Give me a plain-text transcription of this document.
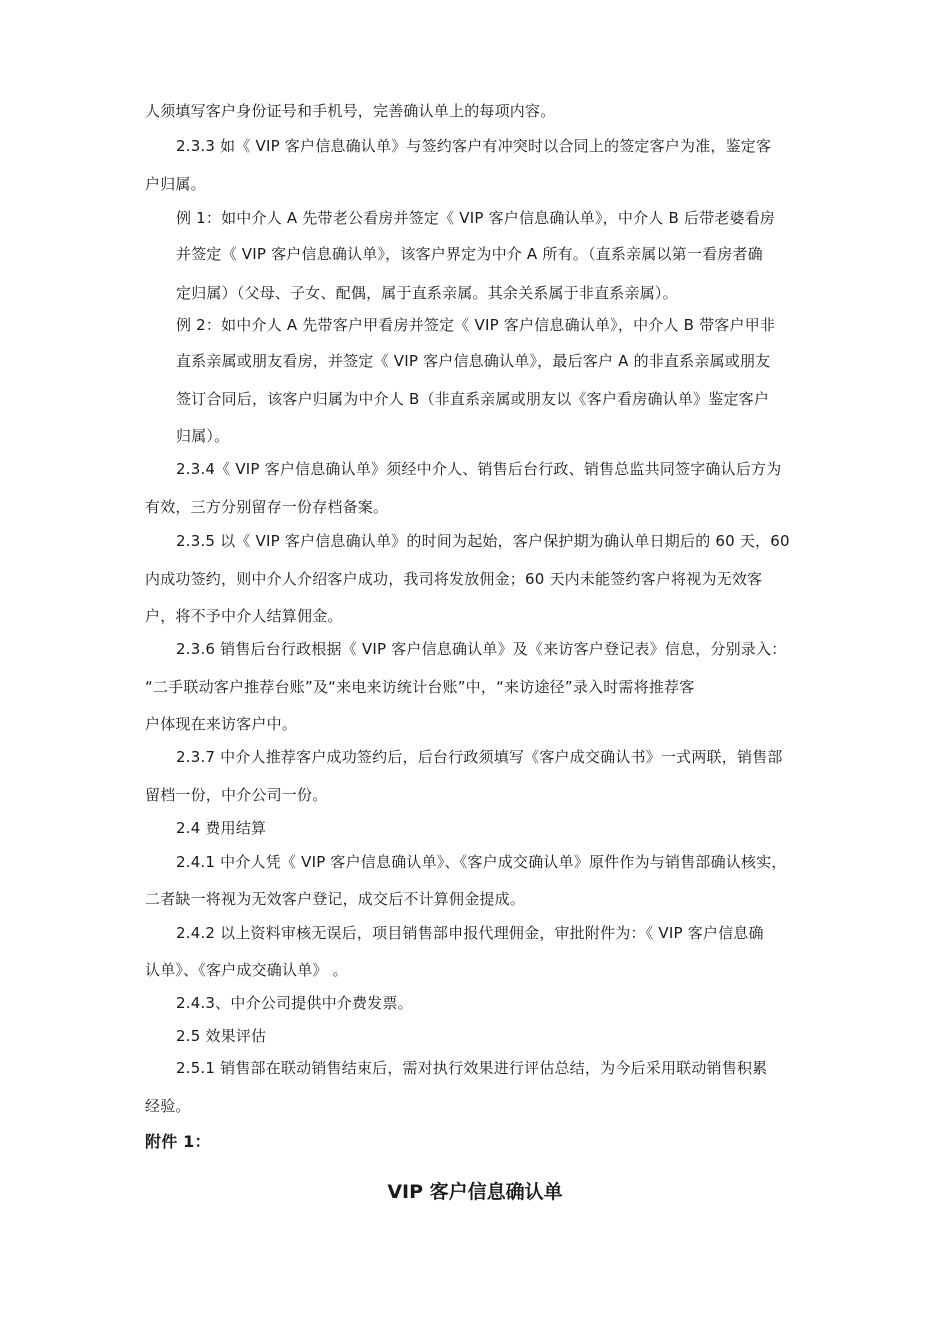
人须填写客户身份证号和手机号，完善确认单上的每项内容。
2.3.3 如《 VIP 客户信息确认单》与签约客户有冲突时以合同上的签定客户为准，鉴定客
户归属。
例 1：如中介人 A 先带老公看房并签定《 VIP 客户信息确认单》，中介人 B 后带老婆看房
并签定《 VIP 客户信息确认单》，该客户界定为中介 A 所有。（直系亲属以第一看房者确
定归属）（父母、子女、配偶，属于直系亲属。其余关系属于非直系亲属）。
例 2：如中介人 A 先带客户甲看房并签定《 VIP 客户信息确认单》，中介人 B 带客户甲非
直系亲属或朋友看房，并签定《 VIP 客户信息确认单》，最后客户 A 的非直系亲属或朋友
签订合同后，该客户归属为中介人 B（非直系亲属或朋友以《客户看房确认单》鉴定客户
归属）。
2.3.4《 VIP 客户信息确认单》须经中介人、销售后台行政、销售总监共同签字确认后方为
有效，三方分别留存一份存档备案。
2.3.5 以《 VIP 客户信息确认单》的时间为起始，客户保护期为确认单日期后的 60 天，60
内成功签约，则中介人介绍客户成功，我司将发放佣金；60 天内未能签约客户将视为无效客
户，将不予中介人结算佣金。
2.3.6 销售后台行政根据《 VIP 客户信息确认单》及《来访客户登记表》信息，分别录入：
“二手联动客户推荐台账”及“来电来访统计台账”中，“来访途径”录入时需将推荐客
户体现在来访客户中。
2.3.7 中介人推荐客户成功签约后，后台行政须填写《客户成交确认书》一式两联，销售部
留档一份，中介公司一份。
2.4 费用结算
2.4.1 中介人凭《 VIP 客户信息确认单》、《客户成交确认单》原件作为与销售部确认核实，
二者缺一将视为无效客户登记，成交后不计算佣金提成。
2.4.2 以上资料审核无误后，项目销售部申报代理佣金，审批附件为：《 VIP 客户信息确
认单》、《客户成交确认单》 。
2.4.3、中介公司提供中介费发票。
2.5 效果评估
2.5.1 销售部在联动销售结束后，需对执行效果进行评估总结，为今后采用联动销售积累
经验。
附件 1：
VIP 客户信息确认单
